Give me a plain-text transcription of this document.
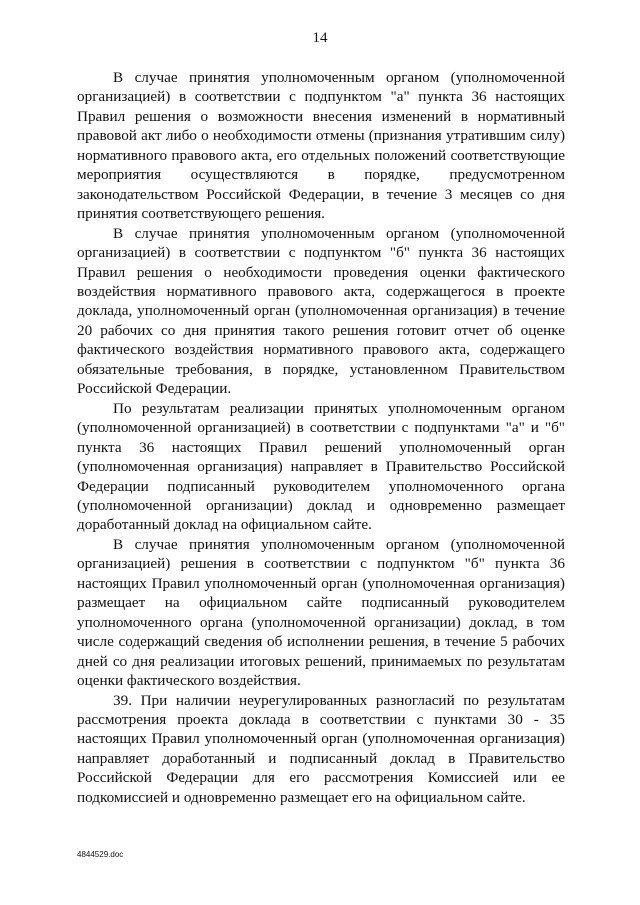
14

В случае принятия уполномоченным органом (уполномоченной организацией) в соответствии с подпунктом "а" пункта 36 настоящих Правил решения о возможности внесения изменений в нормативный правовой акт либо о необходимости отмены (признания утратившим силу) нормативного правового акта, его отдельных положений соответствующие мероприятия осуществляются в порядке, предусмотренном законодательством Российской Федерации, в течение 3 месяцев со дня принятия соответствующего решения.

В случае принятия уполномоченным органом (уполномоченной организацией) в соответствии с подпунктом "б" пункта 36 настоящих Правил решения о необходимости проведения оценки фактического воздействия нормативного правового акта, содержащегося в проекте доклада, уполномоченный орган (уполномоченная организация) в течение 20 рабочих со дня принятия такого решения готовит отчет об оценке фактического воздействия нормативного правового акта, содержащего обязательные требования, в порядке, установленном Правительством Российской Федерации.

По результатам реализации принятых уполномоченным органом (уполномоченной организацией) в соответствии с подпунктами "а" и "б" пункта 36 настоящих Правил решений уполномоченный орган (уполномоченная организация) направляет в Правительство Российской Федерации подписанный руководителем уполномоченного органа (уполномоченной организации) доклад и одновременно размещает доработанный доклад на официальном сайте.

В случае принятия уполномоченным органом (уполномоченной организацией) решения в соответствии с подпунктом "б" пункта 36 настоящих Правил уполномоченный орган (уполномоченная организация) размещает на официальном сайте подписанный руководителем уполномоченного органа (уполномоченной организации) доклад, в том числе содержащий сведения об исполнении решения, в течение 5 рабочих дней со дня реализации итоговых решений, принимаемых по результатам оценки фактического воздействия.

39. При наличии неурегулированных разногласий по результатам рассмотрения проекта доклада в соответствии с пунктами 30 - 35 настоящих Правил уполномоченный орган (уполномоченная организация) направляет доработанный и подписанный доклад в Правительство Российской Федерации для его рассмотрения Комиссией или ее подкомиссией и одновременно размещает его на официальном сайте.

4844529.doc
